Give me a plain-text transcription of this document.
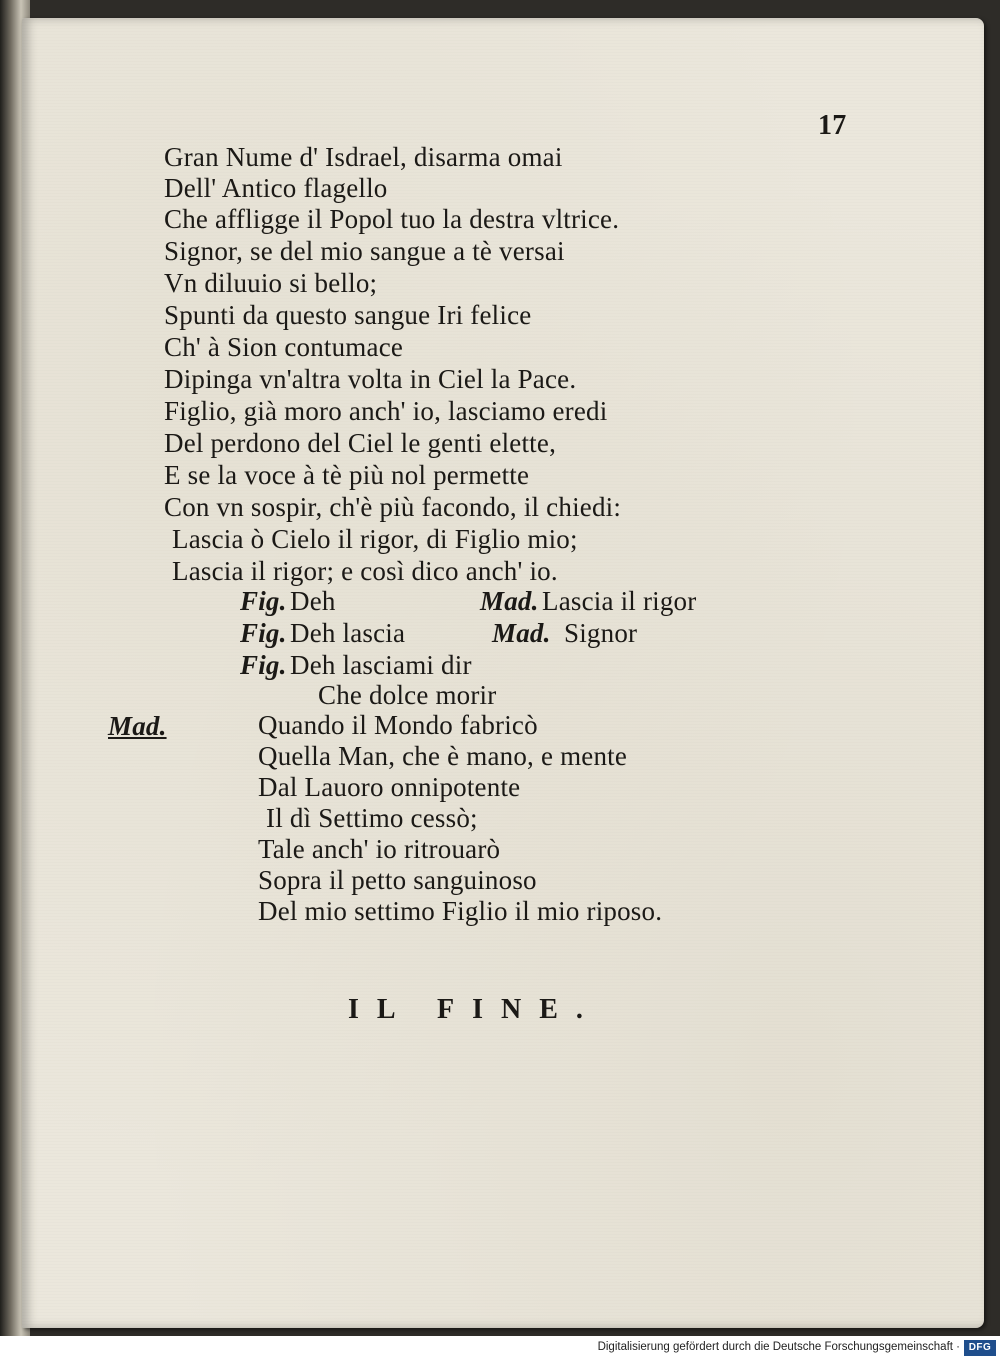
17
Gran Nume d' Isdrael, disarma omai
Dell' Antico flagello
Che affligge il Popol tuo la destra vltrice.
Signor, se del mio sangue a tè versai
Vn diluuio si bello;
Spunti da questo sangue Iri felice
Ch' à Sion contumace
Dipinga vn'altra volta in Ciel la Pace.
Figlio, già moro anch' io, lasciamo eredi
Del perdono del Ciel le genti elette,
E se la voce à tè più nol permette
Con vn sospir, ch'è più facondo, il chiedi:
Lascia ò Cielo il rigor, di Figlio mio;
Lascia il rigor; e così dico anch' io.
Fig. Deh	Mad. Lascia il rigor
Fig. Deh lascia	Mad. Signor
Fig. Deh lasciami dir
Che dolce morir
Mad.	Quando il Mondo fabricò
Quella Man, che è mano, e mente
Dal Lauoro onnipotente
Il dì Settimo cessò;
Tale anch' io ritrouarò
Sopra il petto sanguinoso
Del mio settimo Figlio il mio riposo.
IL FINE.
Digitalisierung gefördert durch die Deutsche Forschungsgemeinschaft · DFG
